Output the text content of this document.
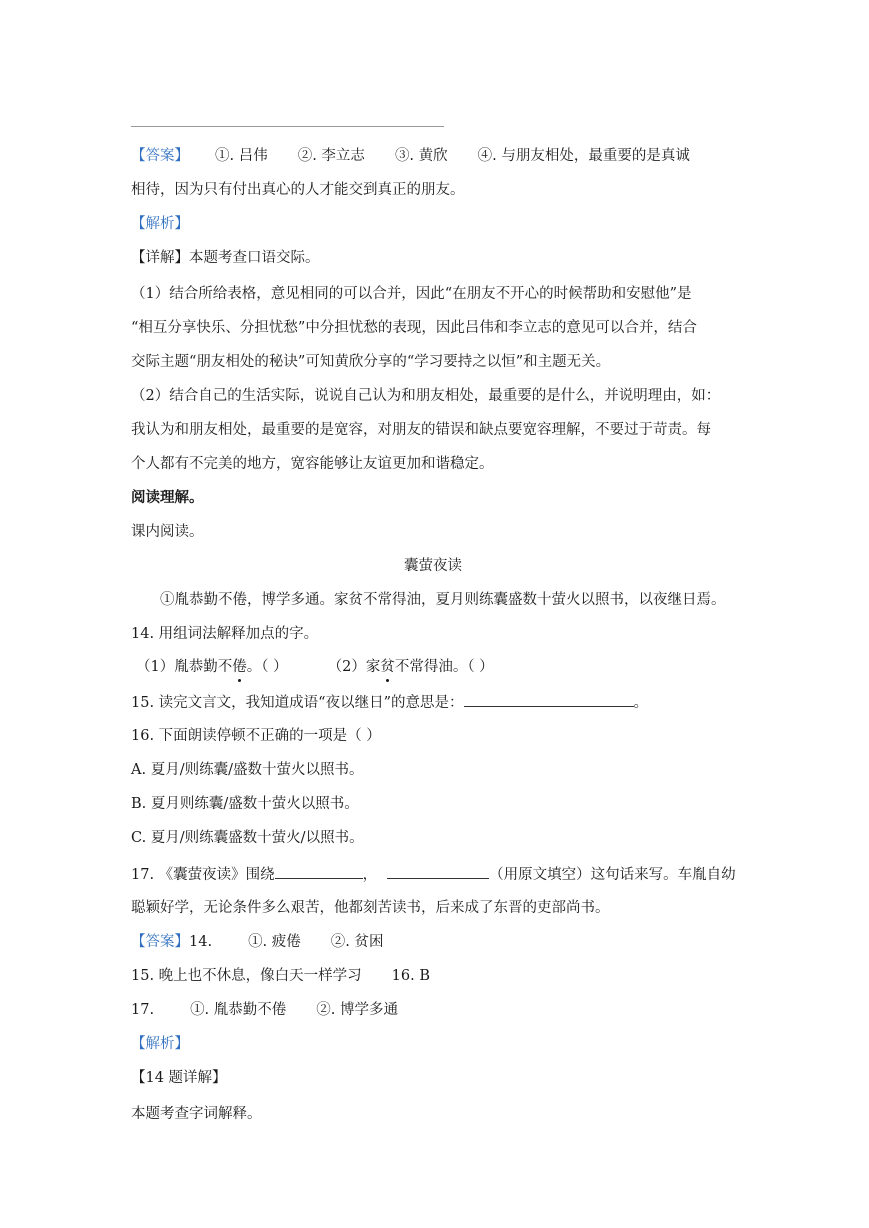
【答案】 ①. 吕伟 ②. 李立志 ③. 黄欣 ④. 与朋友相处，最重要的是真诚
相待，因为只有付出真心的人才能交到真正的朋友。
【解析】
【详解】本题考查口语交际。
（1）结合所给表格，意见相同的可以合并，因此“在朋友不开心的时候帮助和安慰他”是
“相互分享快乐、分担忧愁”中分担忧愁的表现，因此吕伟和李立志的意见可以合并，结合
交际主题“朋友相处的秘诀”可知黄欣分享的“学习要持之以恒”和主题无关。
（2）结合自己的生活实际，说说自己认为和朋友相处，最重要的是什么，并说明理由，如：
我认为和朋友相处，最重要的是宽容，对朋友的错误和缺点要宽容理解，不要过于苛责。每
个人都有不完美的地方，宽容能够让友谊更加和谐稳定。
阅读理解。
课内阅读。
囊萤夜读
①胤恭勤不倦，博学多通。家贫不常得油，夏月则练囊盛数十萤火以照书，以夜继日焉。
14. 用组词法解释加点的字。
（1）胤恭勤不倦。（ ）	（2）家贫不常得油。（ ）
15. 读完文言文，我知道成语“夜以继日”的意思是：	。
16. 下面朗读停顿不正确的一项是（ ）
A. 夏月/则练囊/盛数十萤火以照书。
B. 夏月则练囊/盛数十萤火以照书。
C. 夏月/则练囊盛数十萤火/以照书。
17. 《囊萤夜读》围绕	，	（用原文填空）这句话来写。车胤自幼
聪颖好学，无论条件多么艰苦，他都刻苦读书，后来成了东晋的吏部尚书。
【答案】14. ①. 疲倦 ②. 贫困
15. 晚上也不休息，像白天一样学习 16. B
17. ①. 胤恭勤不倦 ②. 博学多通
【解析】
【14 题详解】
本题考查字词解释。
